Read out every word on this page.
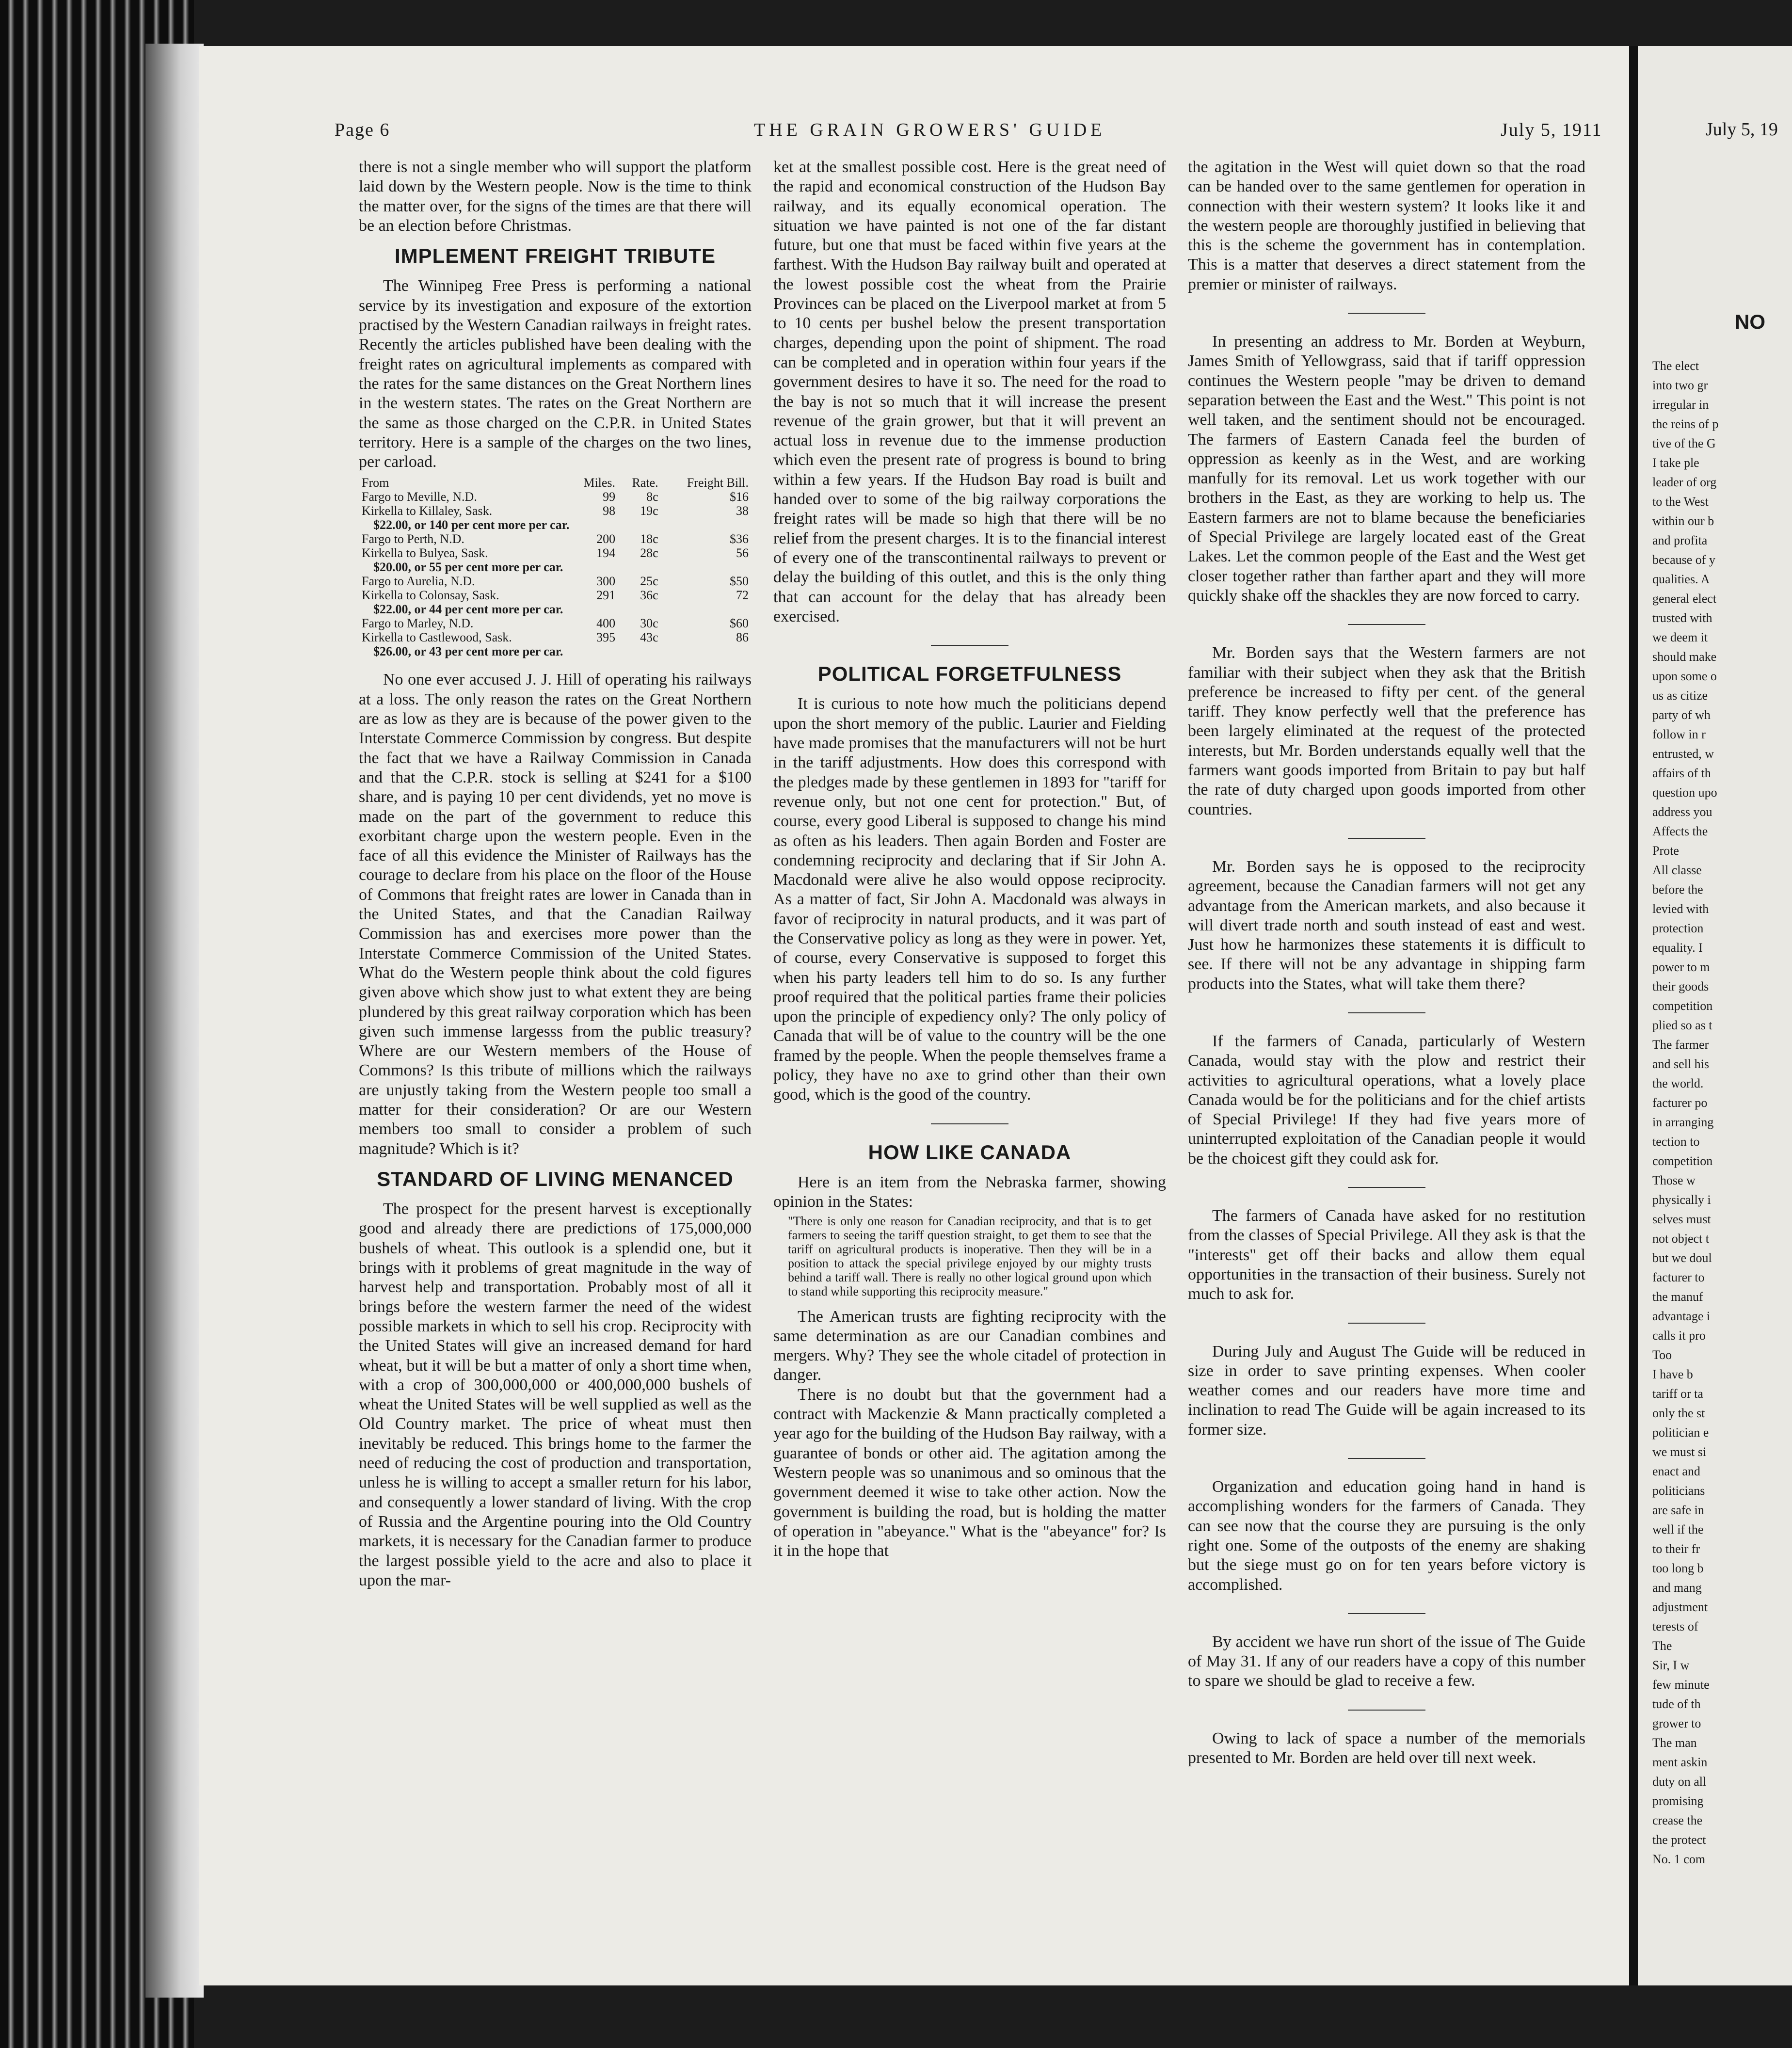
Page 6	THE GRAIN GROWERS' GUIDE	July 5, 1911

there is not a single member who will support the platform laid down by the Western people. Now is the time to think the matter over, for the signs of the times are that there will be an election before Christmas.

IMPLEMENT FREIGHT TRIBUTE

The Winnipeg Free Press is performing a national service by its investigation and exposure of the extortion practised by the Western Canadian railways in freight rates. Recently the articles published have been dealing with the freight rates on agricultural implements as compared with the rates for the same distances on the Great Northern lines in the western states. The rates on the Great Northern are the same as those charged on the C.P.R. in United States territory. Here is a sample of the charges on the two lines, per carload.

From	Miles.	Rate.	Freight Bill.
Fargo to Meville, N.D.	99	8c	$16
Kirkella to Killaley, Sask.	98	19c	38
$22.00, or 140 per cent more per car.			
Fargo to Perth, N.D.	200	18c	$36
Kirkella to Bulyea, Sask.	194	28c	56
$20.00, or 55 per cent more per car.			
Fargo to Aurelia, N.D.	300	25c	$50
Kirkella to Colonsay, Sask.	291	36c	72
$22.00, or 44 per cent more per car.			
Fargo to Marley, N.D.	400	30c	$60
Kirkella to Castlewood, Sask.	395	43c	86
$26.00, or 43 per cent more per car.			

No one ever accused J. J. Hill of operating his railways at a loss. The only reason the rates on the Great Northern are as low as they are is because of the power given to the Interstate Commerce Commission by congress. But despite the fact that we have a Railway Commission in Canada and that the C.P.R. stock is selling at $241 for a $100 share, and is paying 10 per cent dividends, yet no move is made on the part of the government to reduce this exorbitant charge upon the western people. Even in the face of all this evidence the Minister of Railways has the courage to declare from his place on the floor of the House of Commons that freight rates are lower in Canada than in the United States, and that the Canadian Railway Commission has and exercises more power than the Interstate Commerce Commission of the United States. What do the Western people think about the cold figures given above which show just to what extent they are being plundered by this great railway corporation which has been given such immense largesss from the public treasury? Where are our Western members of the House of Commons? Is this tribute of millions which the railways are unjustly taking from the Western people too small a matter for their consideration? Or are our Western members too small to consider a problem of such magnitude? Which is it?

STANDARD OF LIVING MENANCED

The prospect for the present harvest is exceptionally good and already there are predictions of 175,000,000 bushels of wheat. This outlook is a splendid one, but it brings with it problems of great magnitude in the way of harvest help and transportation. Probably most of all it brings before the western farmer the need of the widest possible markets in which to sell his crop. Reciprocity with the United States will give an increased demand for hard wheat, but it will be but a matter of only a short time when, with a crop of 300,000,000 or 400,000,000 bushels of wheat the United States will be well supplied as well as the Old Country market. The price of wheat must then inevitably be reduced. This brings home to the farmer the need of reducing the cost of production and transportation, unless he is willing to accept a smaller return for his labor, and consequently a lower standard of living. With the crop of Russia and the Argentine pouring into the Old Country markets, it is necessary for the Canadian farmer to produce the largest possible yield to the acre and also to place it upon the mar-

ket at the smallest possible cost. Here is the great need of the rapid and economical construction of the Hudson Bay railway, and its equally economical operation. The situation we have painted is not one of the far distant future, but one that must be faced within five years at the farthest. With the Hudson Bay railway built and operated at the lowest possible cost the wheat from the Prairie Provinces can be placed on the Liverpool market at from 5 to 10 cents per bushel below the present transportation charges, depending upon the point of shipment. The road can be completed and in operation within four years if the government desires to have it so. The need for the road to the bay is not so much that it will increase the present revenue of the grain grower, but that it will prevent an actual loss in revenue due to the immense production which even the present rate of progress is bound to bring within a few years. If the Hudson Bay road is built and handed over to some of the big railway corporations the freight rates will be made so high that there will be no relief from the present charges. It is to the financial interest of every one of the transcontinental railways to prevent or delay the building of this outlet, and this is the only thing that can account for the delay that has already been exercised.

POLITICAL FORGETFULNESS

It is curious to note how much the politicians depend upon the short memory of the public. Laurier and Fielding have made promises that the manufacturers will not be hurt in the tariff adjustments. How does this correspond with the pledges made by these gentlemen in 1893 for "tariff for revenue only, but not one cent for protection." But, of course, every good Liberal is supposed to change his mind as often as his leaders. Then again Borden and Foster are condemning reciprocity and declaring that if Sir John A. Macdonald were alive he also would oppose reciprocity. As a matter of fact, Sir John A. Macdonald was always in favor of reciprocity in natural products, and it was part of the Conservative policy as long as they were in power. Yet, of course, every Conservative is supposed to forget this when his party leaders tell him to do so. Is any further proof required that the political parties frame their policies upon the principle of expediency only? The only policy of Canada that will be of value to the country will be the one framed by the people. When the people themselves frame a policy, they have no axe to grind other than their own good, which is the good of the country.

HOW LIKE CANADA

Here is an item from the Nebraska farmer, showing opinion in the States:

"There is only one reason for Canadian reciprocity, and that is to get farmers to seeing the tariff question straight, to get them to see that the tariff on agricultural products is inoperative. Then they will be in a position to attack the special privilege enjoyed by our mighty trusts behind a tariff wall. There is really no other logical ground upon which to stand while supporting this reciprocity measure."

The American trusts are fighting reciprocity with the same determination as are our Canadian combines and mergers. Why? They see the whole citadel of protection in danger.

There is no doubt but that the government had a contract with Mackenzie & Mann practically completed a year ago for the building of the Hudson Bay railway, with a guarantee of bonds or other aid. The agitation among the Western people was so unanimous and so ominous that the government deemed it wise to take other action. Now the government is building the road, but is holding the matter of operation in "abeyance." What is the "abeyance" for? Is it in the hope that

the agitation in the West will quiet down so that the road can be handed over to the same gentlemen for operation in connection with their western system? It looks like it and the western people are thoroughly justified in believing that this is the scheme the government has in contemplation. This is a matter that deserves a direct statement from the premier or minister of railways.

In presenting an address to Mr. Borden at Weyburn, James Smith of Yellowgrass, said that if tariff oppression continues the Western people "may be driven to demand separation between the East and the West." This point is not well taken, and the sentiment should not be encouraged. The farmers of Eastern Canada feel the burden of oppression as keenly as in the West, and are working manfully for its removal. Let us work together with our brothers in the East, as they are working to help us. The Eastern farmers are not to blame because the beneficiaries of Special Privilege are largely located east of the Great Lakes. Let the common people of the East and the West get closer together rather than farther apart and they will more quickly shake off the shackles they are now forced to carry.

Mr. Borden says that the Western farmers are not familiar with their subject when they ask that the British preference be increased to fifty per cent. of the general tariff. They know perfectly well that the preference has been largely eliminated at the request of the protected interests, but Mr. Borden understands equally well that the farmers want goods imported from Britain to pay but half the rate of duty charged upon goods imported from other countries.

Mr. Borden says he is opposed to the reciprocity agreement, because the Canadian farmers will not get any advantage from the American markets, and also because it will divert trade north and south instead of east and west. Just how he harmonizes these statements it is difficult to see. If there will not be any advantage in shipping farm products into the States, what will take them there?

If the farmers of Canada, particularly of Western Canada, would stay with the plow and restrict their activities to agricultural operations, what a lovely place Canada would be for the politicians and for the chief artists of Special Privilege! If they had five years more of uninterrupted exploitation of the Canadian people it would be the choicest gift they could ask for.

The farmers of Canada have asked for no restitution from the classes of Special Privilege. All they ask is that the "interests" get off their backs and allow them equal opportunities in the transaction of their business. Surely not much to ask for.

During July and August The Guide will be reduced in size in order to save printing expenses. When cooler weather comes and our readers have more time and inclination to read The Guide will be again increased to its former size.

Organization and education going hand in hand is accomplishing wonders for the farmers of Canada. They can see now that the course they are pursuing is the only right one. Some of the outposts of the enemy are shaking but the siege must go on for ten years before victory is accomplished.

By accident we have run short of the issue of The Guide of May 31. If any of our readers have a copy of this number to spare we should be glad to receive a few.

Owing to lack of space a number of the memorials presented to Mr. Borden are held over till next week.

July 5, 19
NO
The elect
into two gr
irregular in
the reins of p
tive of the G
I take ple
leader of org
to the West
within our b
and profita
because of y
qualities. A
general elect
trusted with
we deem it
should make
upon some o
us as citize
party of wh
follow in r
entrusted, w
affairs of th
question upo
address you
Affects the
Prote
All classe
before the
levied with
protection
equality. I
power to m
their goods
competition
plied so as t
The farmer
and sell his
the world.
facturer po
in arranging
tection to
competition
Those w
physically i
selves must
not object t
but we doul
facturer to
the manuf
advantage i
calls it pro
Too
I have b
tariff or ta
only the st
politician e
we must si
enact and
politicians
are safe in
well if the
to their fr
too long b
and mang
adjustment
terests of
The
Sir, I w
few minute
tude of th
grower to
The man
ment askin
duty on all
promising
crease the
the protect
No. 1 com
